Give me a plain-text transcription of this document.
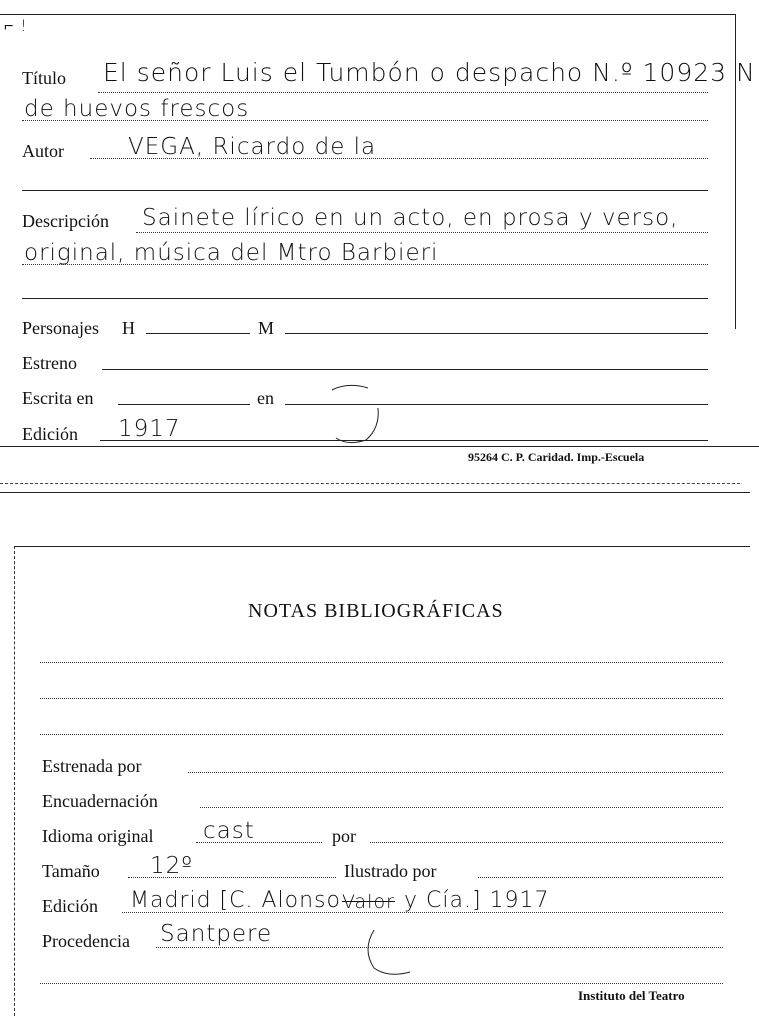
⌐ !
Título El señor Luis el Tumbón o despacho N.º 10923 N
de huevos frescos
Autor	VEGA, Ricardo de la
Descripción Sainete lírico en un acto, en prosa y verso,
original, música del Mtro Barbieri
Personajes H	M
Estreno
Escrita en	en
Edición 1917
95264 C. P. Caridad. Imp.-Escuela
NOTAS BIBLIOGRÁFICAS
Estrenada por
Encuadernación
Idioma original cast	por
Tamaño 12º	Ilustrado por
Edición Madrid [C. Alonso Valor y Cía.] 1917
Procedencia Santpere
Instituto del Teatro
